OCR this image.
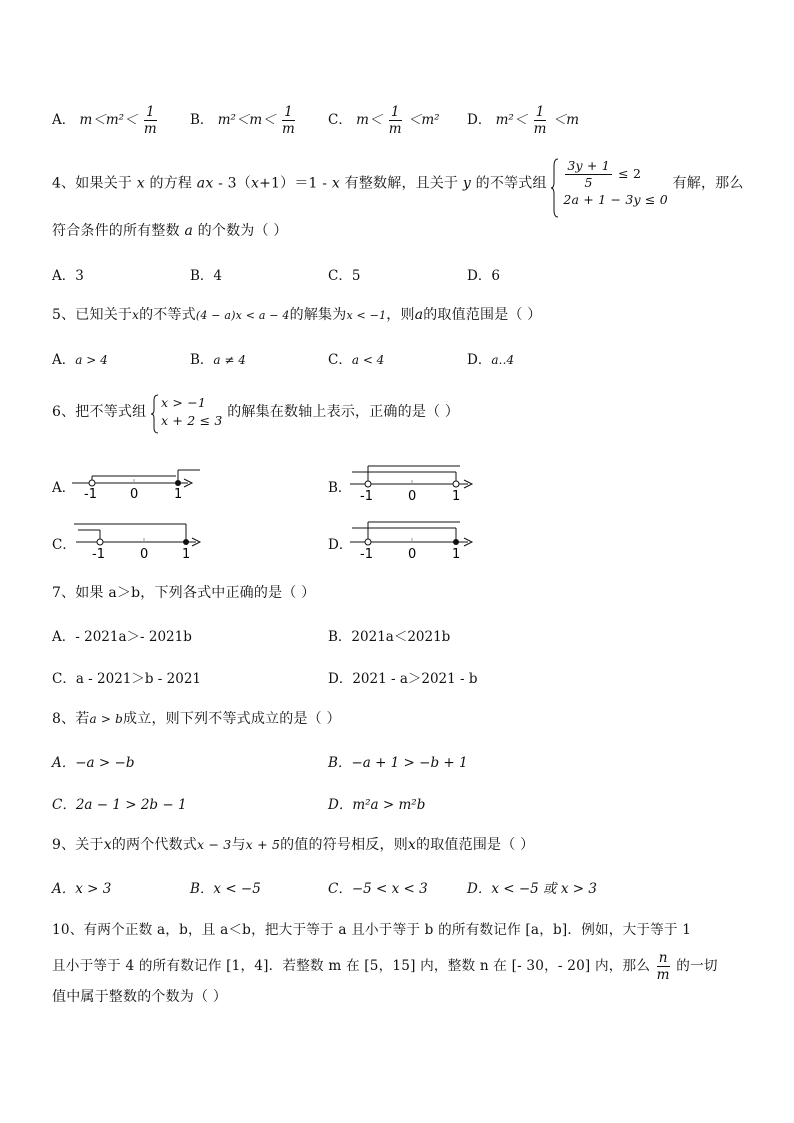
A． $m<m^2< \frac{1}{m}$ B． $m^2<m< \frac{1}{m}$ C． $m< \frac{1}{m} <m^2$ D． $m^2< \frac{1}{m} <m$
4、如果关于 x 的方程 ax - 3（x+1）＝1 - x 有整数解，且关于 y 的不等式组 $\frac{3y + 1}{5} \le 2$
2a + 1 − 3y ≤ 0
有解，那么
符合条件的所有整数 a 的个数为（ ）
A．3	B．4	C．5	D．6
5、已知关于x的不等式(4 − a)x < a − 4的解集为x < −1，则a的取值范围是（ ）
A．a > 4	B．a ≠ 4	C．a < 4	D．a‥4
6、把不等式组
x > −1
x + 2 ≤ 3
的解集在数轴上表示，正确的是（ ）
A． -1	0	1	B．
-1	0	1
C．
-1	0	1
D．
-1	0	1
7、如果 a＞b，下列各式中正确的是（ ）
A．- 2021a＞- 2021b	B．2021a＜2021b
C．a - 2021＞b - 2021	D．2021 - a＞2021 - b
8、若a > b成立，则下列不等式成立的是（ ）
A．−a > −b	B．−a + 1 > −b + 1
C．2a − 1 > 2b − 1	D．m²a > m²b
9、关于x的两个代数式x − 3与x + 5的值的符号相反，则x的取值范围是（ ）
A．x > 3	B．x < −5	C．−5 < x < 3	D．x < −5 或 x > 3
10、有两个正数 a，b，且 a＜b，把大于等于 a 且小于等于 b 的所有数记作 [a，b]．例如，大于等于 1
且小于等于 4 的所有数记作 [1，4]．若整数 m 在 [5，15] 内，整数 n 在 [- 30，- 20] 内，那么 $\frac{n}{m}$ 的一切
值中属于整数的个数为（ ）
